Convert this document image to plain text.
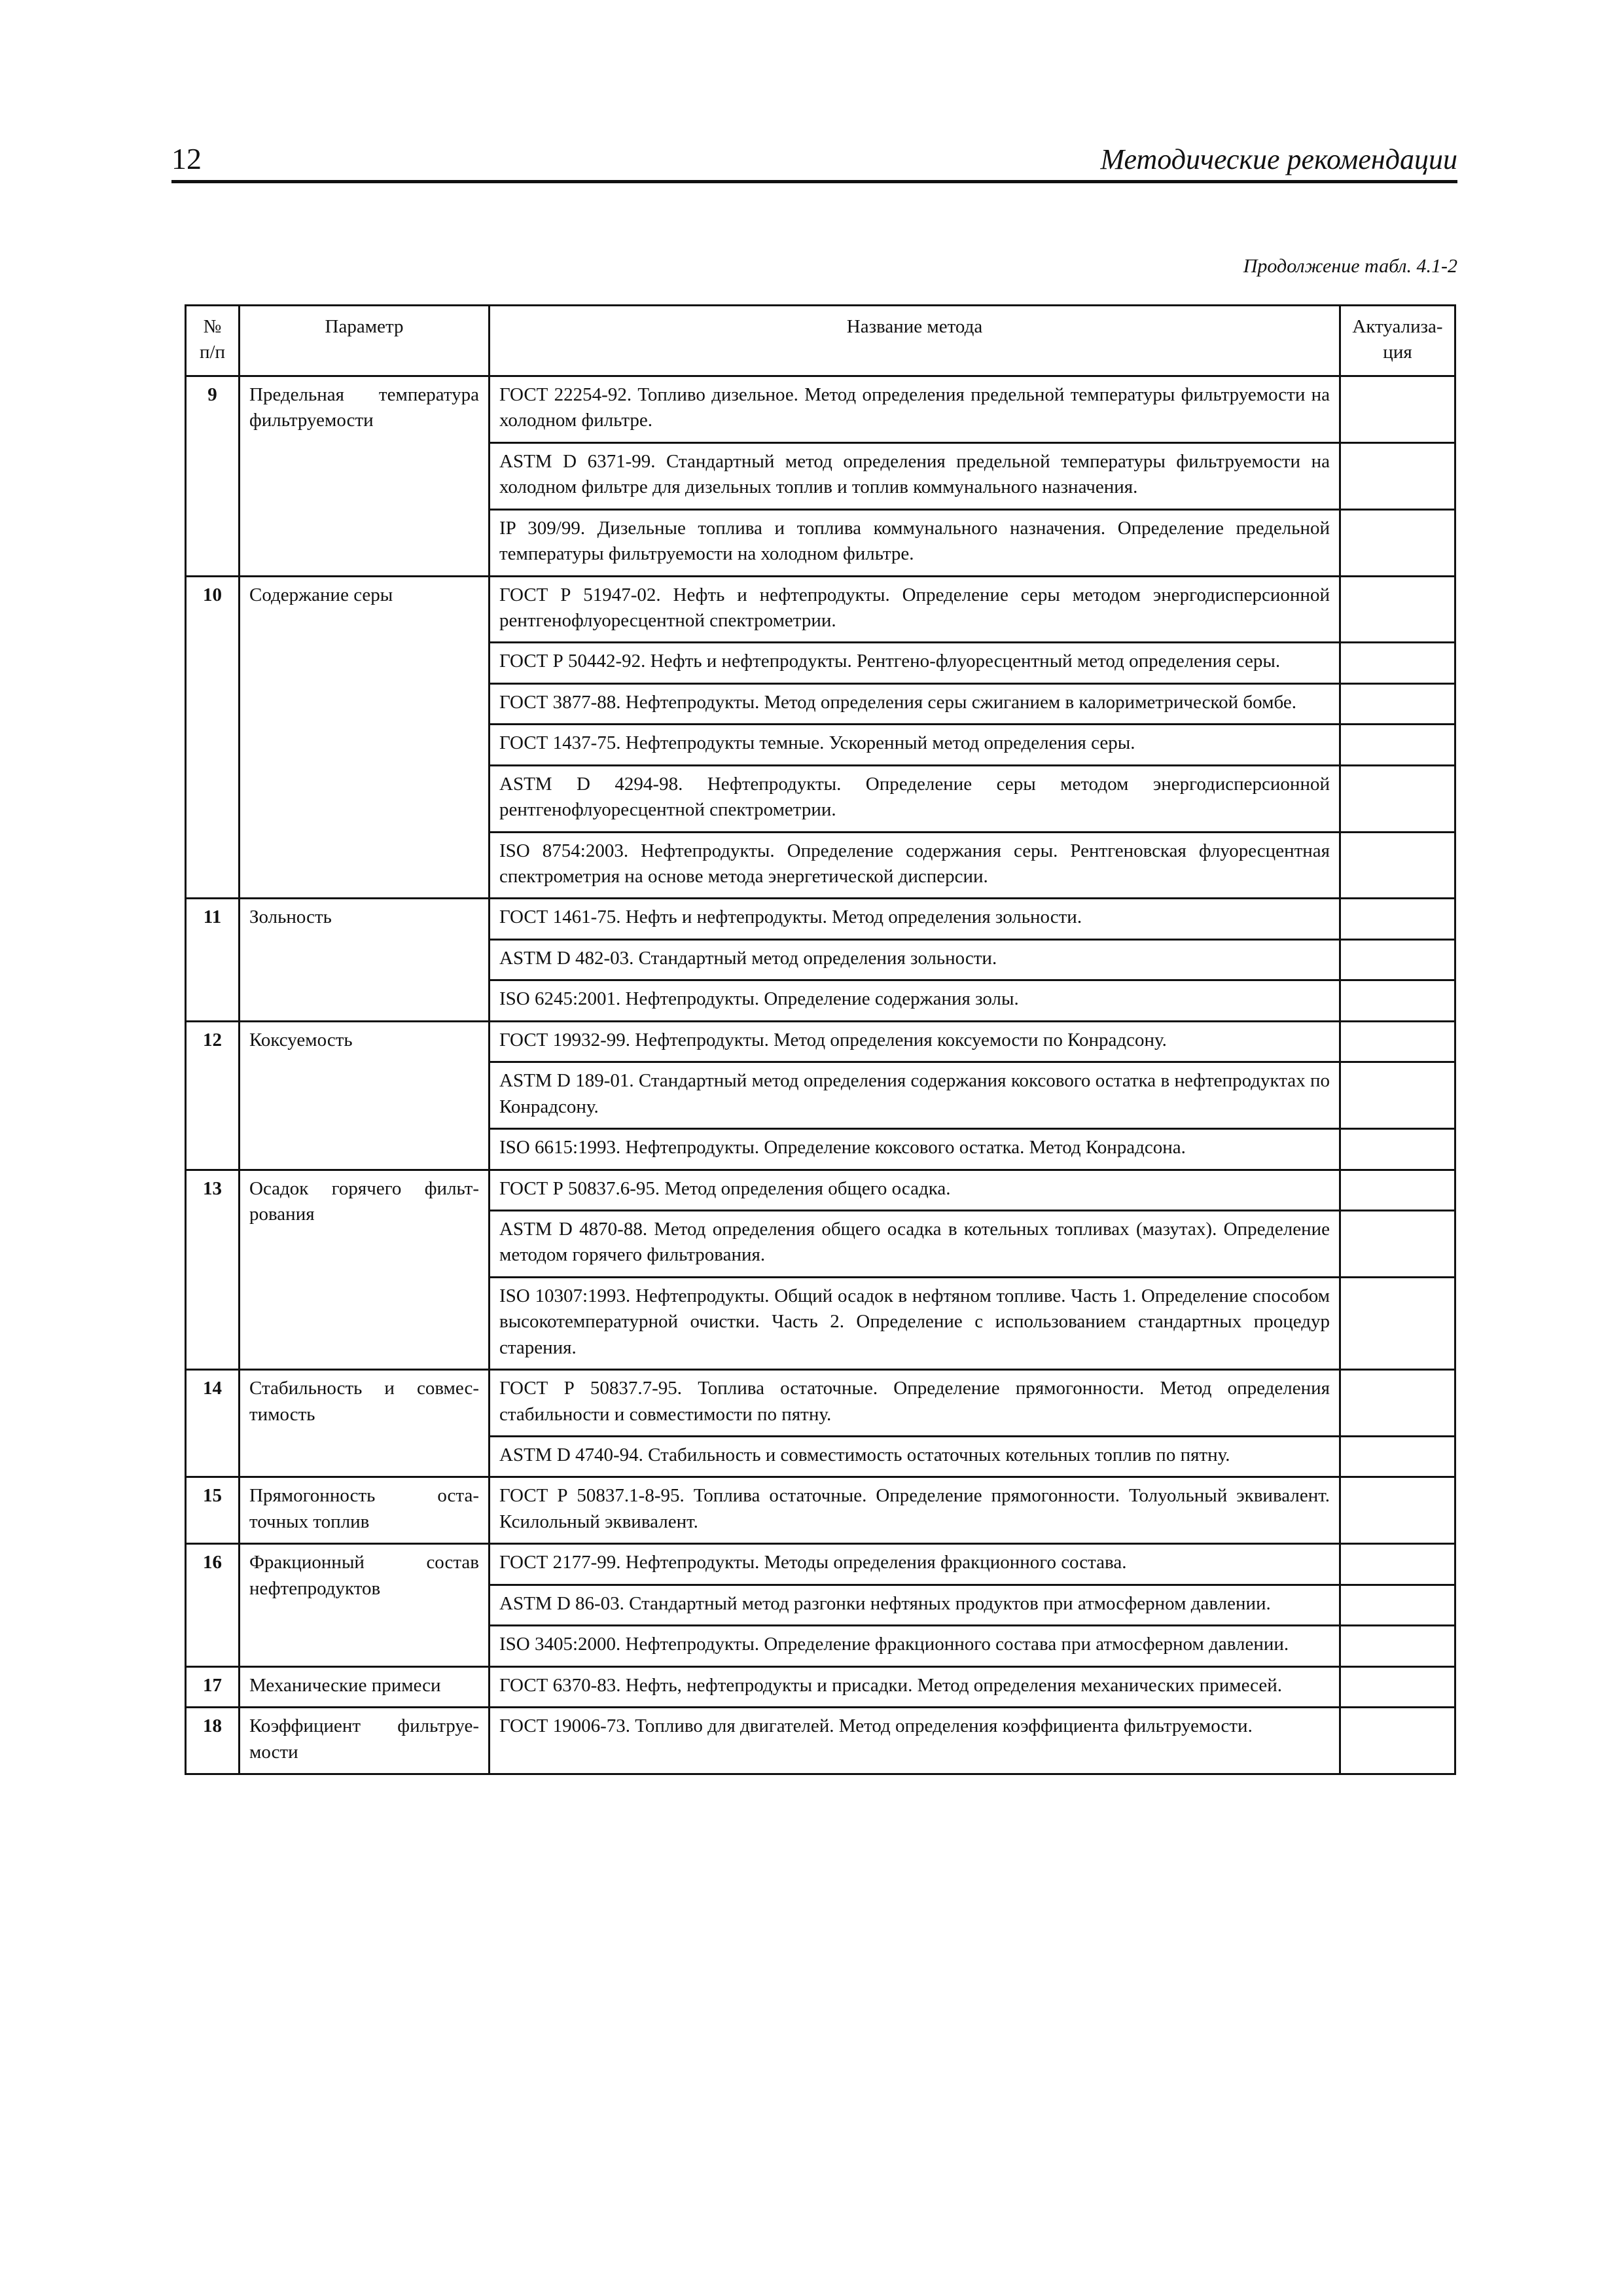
12	Методические рекомендации
Продолжение табл. 4.1-2
№ п/п	Параметр	Название метода	Актуализа-ция
9	Предельная температура фильтруемости	ГОСТ 22254-92. Топливо дизельное. Метод определения предельной температуры фильтруемости на холодном фильтре.	
		ASTM D 6371-99. Стандартный метод определения предельной температуры фильтруемости на холодном фильтре для дизельных топлив и топлив коммунального назначения.	
		IP 309/99. Дизельные топлива и топлива коммунального назначения. Определение предельной температуры фильтруемости на холодном фильтре.	
10	Содержание серы	ГОСТ Р 51947-02. Нефть и нефтепродукты. Определение серы методом энергодисперсионной рентгенофлуоресцентной спектрометрии.	
		ГОСТ Р 50442-92. Нефть и нефтепродукты. Рентгено-флуоресцентный метод определения серы.	
		ГОСТ 3877-88. Нефтепродукты. Метод определения серы сжиганием в калориметрической бомбе.	
		ГОСТ 1437-75. Нефтепродукты темные. Ускоренный метод определения серы.	
		ASTM D 4294-98. Нефтепродукты. Определение серы методом энергодисперсионной рентгенофлуоресцентной спектрометрии.	
		ISO 8754:2003. Нефтепродукты. Определение содержания серы. Рентгеновская флуоресцентная спектрометрия на основе метода энергетической дисперсии.	
11	Зольность	ГОСТ 1461-75. Нефть и нефтепродукты. Метод определения зольности.	
		ASTM D 482-03. Стандартный метод определения зольности.	
		ISO 6245:2001. Нефтепродукты. Определение содержания золы.	
12	Коксуемость	ГОСТ 19932-99. Нефтепродукты. Метод определения коксуемости по Конрадсону.	
		ASTM D 189-01. Стандартный метод определения содержания коксового остатка в нефтепродуктах по Конрадсону.	
		ISO 6615:1993. Нефтепродукты. Определение коксового остатка. Метод Конрадсона.	
13	Осадок горячего фильт-рования	ГОСТ Р 50837.6-95. Метод определения общего осадка.	
		ASTM D 4870-88. Метод определения общего осадка в котельных топливах (мазутах). Определение методом горячего фильтрования.	
		ISO 10307:1993. Нефтепродукты. Общий осадок в нефтяном топливе. Часть 1. Определение способом высокотемпературной очистки. Часть 2. Определение с использованием стандартных процедур старения.	
14	Стабильность и совмес-тимость	ГОСТ Р 50837.7-95. Топлива остаточные. Определение прямогонности. Метод определения стабильности и совместимости по пятну.	
		ASTM D 4740-94. Стабильность и совместимость остаточных котельных топлив по пятну.	
15	Прямогонность оста-точных топлив	ГОСТ Р 50837.1-8-95. Топлива остаточные. Определение прямогонности. Толуольный эквивалент. Ксилольный эквивалент.	
16	Фракционный состав нефтепродуктов	ГОСТ 2177-99. Нефтепродукты. Методы определения фракционного состава.	
		ASTM D 86-03. Стандартный метод разгонки нефтяных продуктов при атмосферном давлении.	
		ISO 3405:2000. Нефтепродукты. Определение фракционного состава при атмосферном давлении.	
17	Механические примеси	ГОСТ 6370-83. Нефть, нефтепродукты и присадки. Метод определения механических примесей.	
18	Коэффициент фильтруе-мости	ГОСТ 19006-73. Топливо для двигателей. Метод определения коэффициента фильтруемости.	
